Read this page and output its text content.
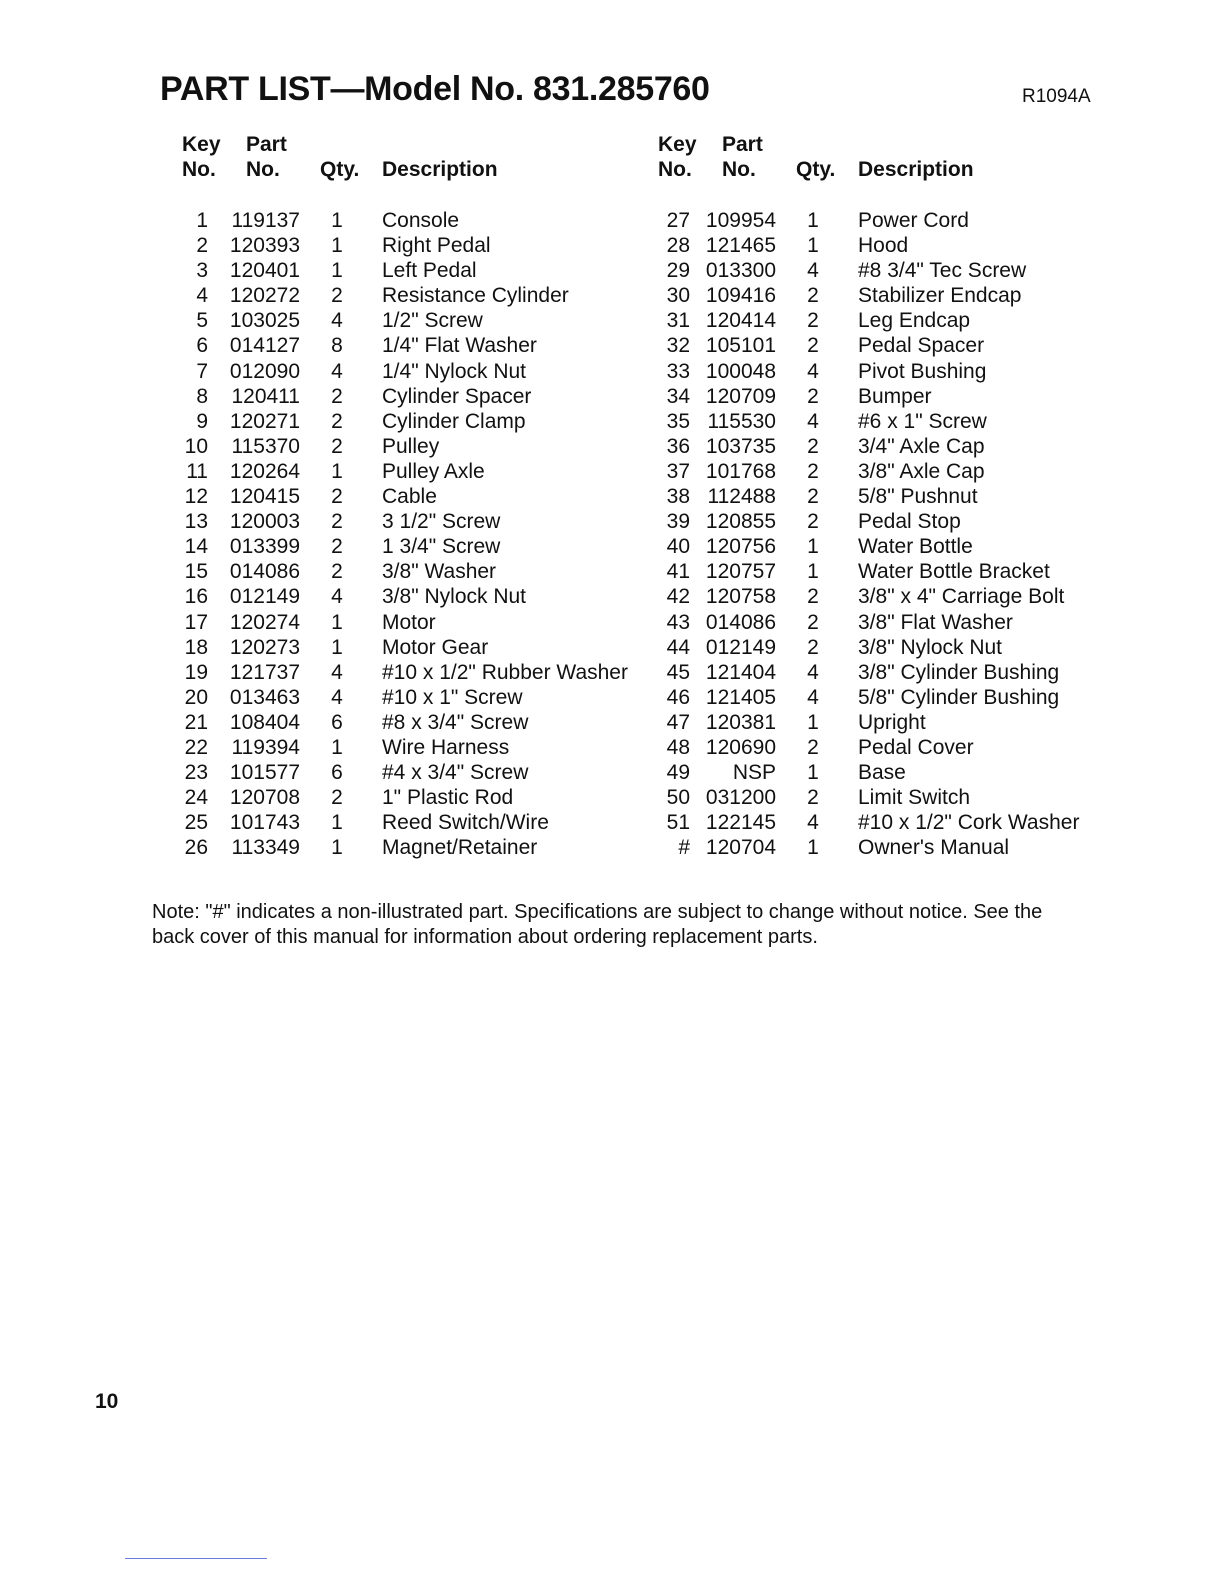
PART LIST—Model No. 831.285760	R1094A
Key
No.
Part
No.	Qty. Description
1	119137 1 Console
2 120393 1 Right Pedal
3 120401 1 Left Pedal
4 120272 2 Resistance Cylinder
5 103025 4 1/2" Screw
6 014127 8 1/4" Flat Washer
7 012090 4 1/4" Nylock Nut
8	120411 2 Cylinder Spacer
9 120271 2 Cylinder Clamp
10	115370 2 Pulley
11 120264 1 Pulley Axle
12 120415 2 Cable
13 120003 2 3 1/2" Screw
14 013399 2 1 3/4" Screw
15 014086 2 3/8" Washer
16 012149 4 3/8" Nylock Nut
17 120274 1 Motor
18 120273 1 Motor Gear
19 121737 4 #10 x 1/2" Rubber Washer
20 013463 4 #10 x 1" Screw
21 108404 6 #8 x 3/4" Screw
22	119394 1 Wire Harness
23 101577 6 #4 x 3/4" Screw
24 120708 2 1" Plastic Rod
25 101743 1 Reed Switch/Wire
26	113349 1 Magnet/Retainer
Key
No.
Part
No.	Qty. Description
27 109954 1 Power Cord
28 121465 1 Hood
29 013300 4 #8 3/4" Tec Screw
30 109416 2 Stabilizer Endcap
31 120414 2 Leg Endcap
32 105101 2 Pedal Spacer
33 100048 4 Pivot Bushing
34 120709 2 Bumper
35 115530 4 #6 x 1" Screw
36 103735 2 3/4" Axle Cap
37 101768 2 3/8" Axle Cap
38 112488 2 5/8" Pushnut
39 120855 2 Pedal Stop
40 120756 1 Water Bottle
41 120757 1 Water Bottle Bracket
42 120758 2 3/8" x 4" Carriage Bolt
43 014086 2 3/8" Flat Washer
44 012149 2 3/8" Nylock Nut
45 121404 4 3/8" Cylinder Bushing
46 121405 4 5/8" Cylinder Bushing
47 120381 1 Upright
48 120690 2 Pedal Cover
49	NSP 1 Base
50 031200 2 Limit Switch
51 122145 4 #10 x 1/2" Cork Washer
# 120704 1 Owner's Manual
Note: "#" indicates a non-illustrated part. Specifications are subject to change without notice. See the back cover of this manual for information about ordering replacement parts.
10
